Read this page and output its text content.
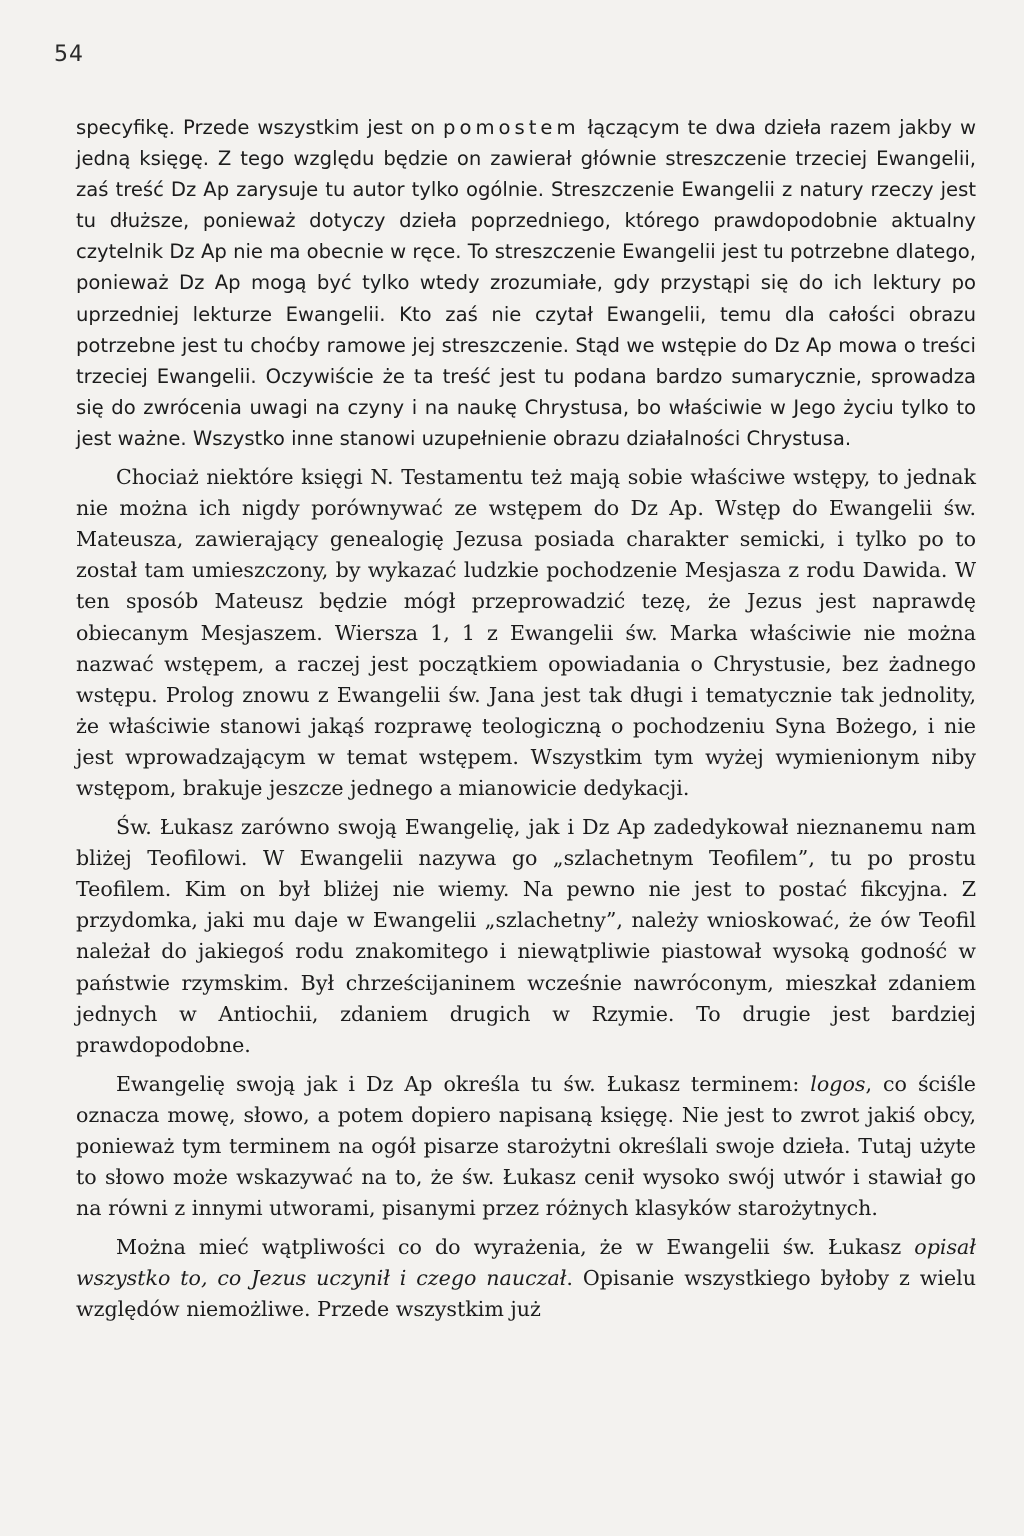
54

specyfikę. Przede wszystkim jest on pomostem łączącym te dwa dzieła razem jakby w jedną księgę. Z tego względu będzie on zawierał głównie streszczenie trzeciej Ewangelii, zaś treść Dz Ap zarysuje tu autor tylko ogólnie. Streszczenie Ewangelii z natury rzeczy jest tu dłuższe, ponieważ dotyczy dzieła poprzedniego, którego prawdopodobnie aktualny czytelnik Dz Ap nie ma obecnie w ręce. To streszczenie Ewangelii jest tu potrzebne dlatego, ponieważ Dz Ap mogą być tylko wtedy zrozumiałe, gdy przystąpi się do ich lektury po uprzedniej lekturze Ewangelii. Kto zaś nie czytał Ewangelii, temu dla całości obrazu potrzebne jest tu choćby ramowe jej streszczenie. Stąd we wstępie do Dz Ap mowa o treści trzeciej Ewangelii. Oczywiście że ta treść jest tu podana bardzo sumarycznie, sprowadza się do zwrócenia uwagi na czyny i na naukę Chrystusa, bo właściwie w Jego życiu tylko to jest ważne. Wszystko inne stanowi uzupełnienie obrazu działalności Chrystusa.

Chociaż niektóre księgi N. Testamentu też mają sobie właściwe wstępy, to jednak nie można ich nigdy porównywać ze wstępem do Dz Ap. Wstęp do Ewangelii św. Mateusza, zawierający genealogię Jezusa posiada charakter semicki, i tylko po to został tam umieszczony, by wykazać ludzkie pochodzenie Mesjasza z rodu Dawida. W ten sposób Mateusz będzie mógł przeprowadzić tezę, że Jezus jest naprawdę obiecanym Mesjaszem. Wiersza 1, 1 z Ewangelii św. Marka właściwie nie można nazwać wstępem, a raczej jest początkiem opowiadania o Chrystusie, bez żadnego wstępu. Prolog znowu z Ewangelii św. Jana jest tak długi i tematycznie tak jednolity, że właściwie stanowi jakąś rozprawę teologiczną o pochodzeniu Syna Bożego, i nie jest wprowadzającym w temat wstępem. Wszystkim tym wyżej wymienionym niby wstępom, brakuje jeszcze jednego a mianowicie dedykacji.

Św. Łukasz zarówno swoją Ewangelię, jak i Dz Ap zadedykował nieznanemu nam bliżej Teofilowi. W Ewangelii nazywa go „szlachetnym Teofilem”, tu po prostu Teofilem. Kim on był bliżej nie wiemy. Na pewno nie jest to postać fikcyjna. Z przydomka, jaki mu daje w Ewangelii „szlachetny”, należy wnioskować, że ów Teofil należał do jakiegoś rodu znakomitego i niewątpliwie piastował wysoką godność w państwie rzymskim. Był chrześcijaninem wcześnie nawróconym, mieszkał zdaniem jednych w Antiochii, zdaniem drugich w Rzymie. To drugie jest bardziej prawdopodobne.

Ewangelię swoją jak i Dz Ap określa tu św. Łukasz terminem: logos, co ściśle oznacza mowę, słowo, a potem dopiero napisaną księgę. Nie jest to zwrot jakiś obcy, ponieważ tym terminem na ogół pisarze starożytni określali swoje dzieła. Tutaj użyte to słowo może wskazywać na to, że św. Łukasz cenił wysoko swój utwór i stawiał go na równi z innymi utworami, pisanymi przez różnych klasyków starożytnych.

Można mieć wątpliwości co do wyrażenia, że w Ewangelii św. Łukasz opisał wszystko to, co Jezus uczynił i czego nauczał. Opisanie wszystkiego byłoby z wielu względów niemożliwe. Przede wszystkim już
